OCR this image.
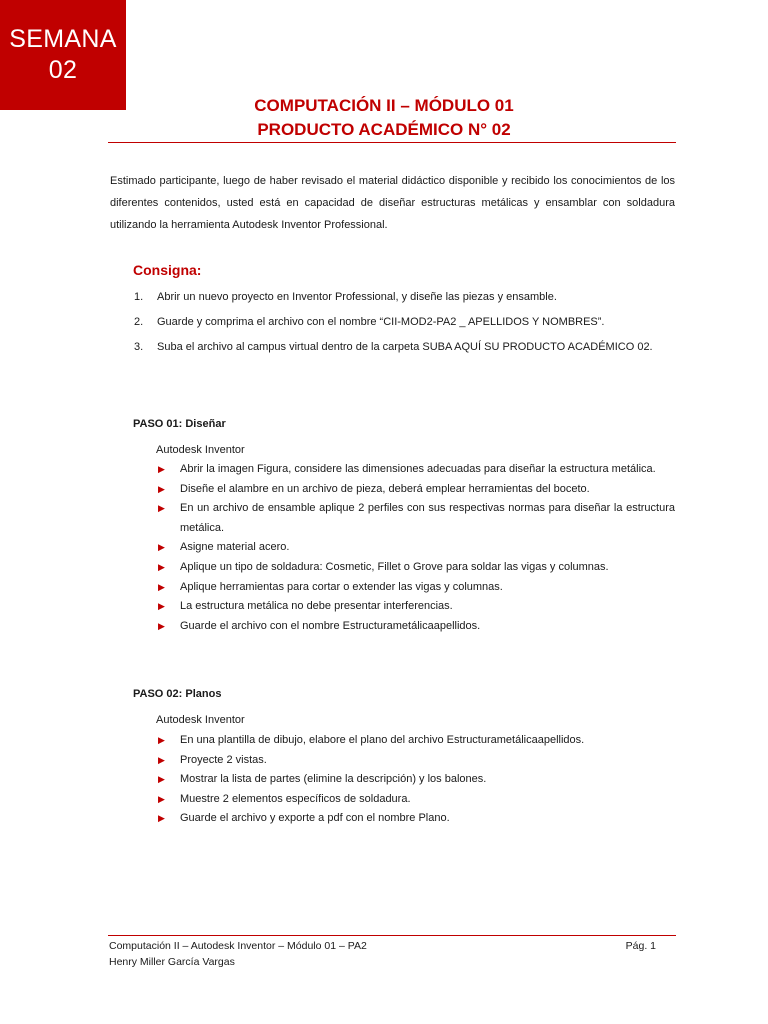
SEMANA
02
COMPUTACIÓN II – MÓDULO 01
PRODUCTO ACADÉMICO N° 02

Estimado participante, luego de haber revisado el material didáctico disponible y recibido los conocimientos de los diferentes contenidos, usted está en capacidad de diseñar estructuras metálicas y ensamblar con soldadura utilizando la herramienta Autodesk Inventor Professional.

Consigna:
1.	Abrir un nuevo proyecto en Inventor Professional, y diseñe las piezas y ensamble.
2.	Guarde y comprima el archivo con el nombre “CII-MOD2-PA2 _ APELLIDOS Y NOMBRES”.
3.	Suba el archivo al campus virtual dentro de la carpeta SUBA AQUÍ SU PRODUCTO ACADÉMICO 02.
PASO 01: Diseñar
Autodesk Inventor
▶	Abrir la imagen Figura, considere las dimensiones adecuadas para diseñar la estructura metálica.
▶	Diseñe el alambre en un archivo de pieza, deberá emplear herramientas del boceto.
▶	En un archivo de ensamble aplique 2 perfiles con sus respectivas normas para diseñar la estructura metálica.
▶	Asigne material acero.
▶	Aplique un tipo de soldadura: Cosmetic, Fillet o Grove para soldar las vigas y columnas.
▶	Aplique herramientas para cortar o extender las vigas y columnas.
▶	La estructura metálica no debe presentar interferencias.
▶	Guarde el archivo con el nombre Estructurametálicaapellidos.
PASO 02: Planos
Autodesk Inventor
▶	En una plantilla de dibujo, elabore el plano del archivo Estructurametálicaapellidos.
▶	Proyecte 2 vistas.
▶	Mostrar la lista de partes (elimine la descripción) y los balones.
▶	Muestre 2 elementos específicos de soldadura.
▶	Guarde el archivo y exporte a pdf con el nombre Plano.
Computación II – Autodesk Inventor – Módulo 01 – PA2
Henry Miller García Vargas
Pág. 1
